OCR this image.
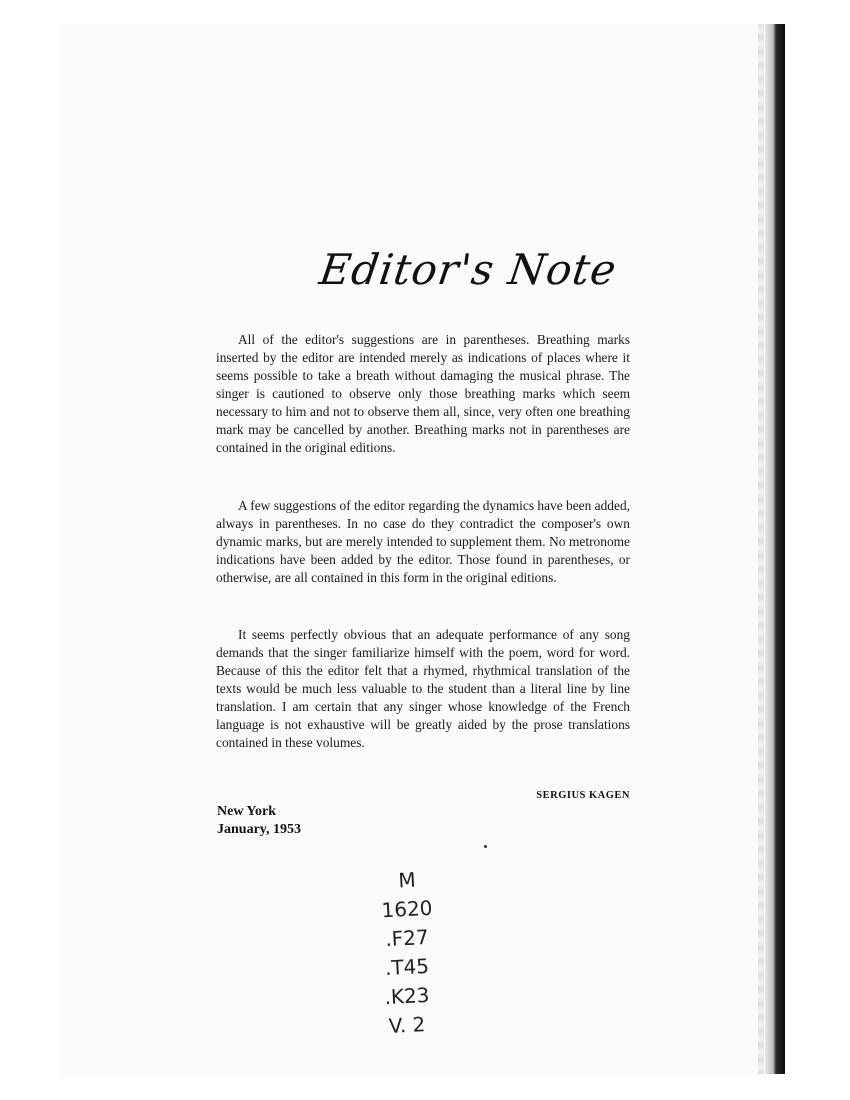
Editor's Note

All of the editor's suggestions are in parentheses. Breathing marks inserted by the editor are intended merely as indications of places where it seems possible to take a breath without damaging the musical phrase. The singer is cautioned to observe only those breathing marks which seem necessary to him and not to observe them all, since, very often one breathing mark may be cancelled by another. Breathing marks not in parentheses are contained in the original editions.

A few suggestions of the editor regarding the dynamics have been added, always in parentheses. In no case do they contradict the composer's own dynamic marks, but are merely intended to supplement them. No metronome indications have been added by the editor. Those found in parentheses, or otherwise, are all contained in this form in the original editions.

It seems perfectly obvious that an adequate performance of any song demands that the singer familiarize himself with the poem, word for word. Because of this the editor felt that a rhymed, rhythmical translation of the texts would be much less valuable to the student than a literal line by line translation. I am certain that any singer whose knowledge of the French language is not exhaustive will be greatly aided by the prose translations contained in these volumes.

SERGIUS KAGEN
New York
January, 1953
M
1620
.F27
.T45
.K23
V. 2
